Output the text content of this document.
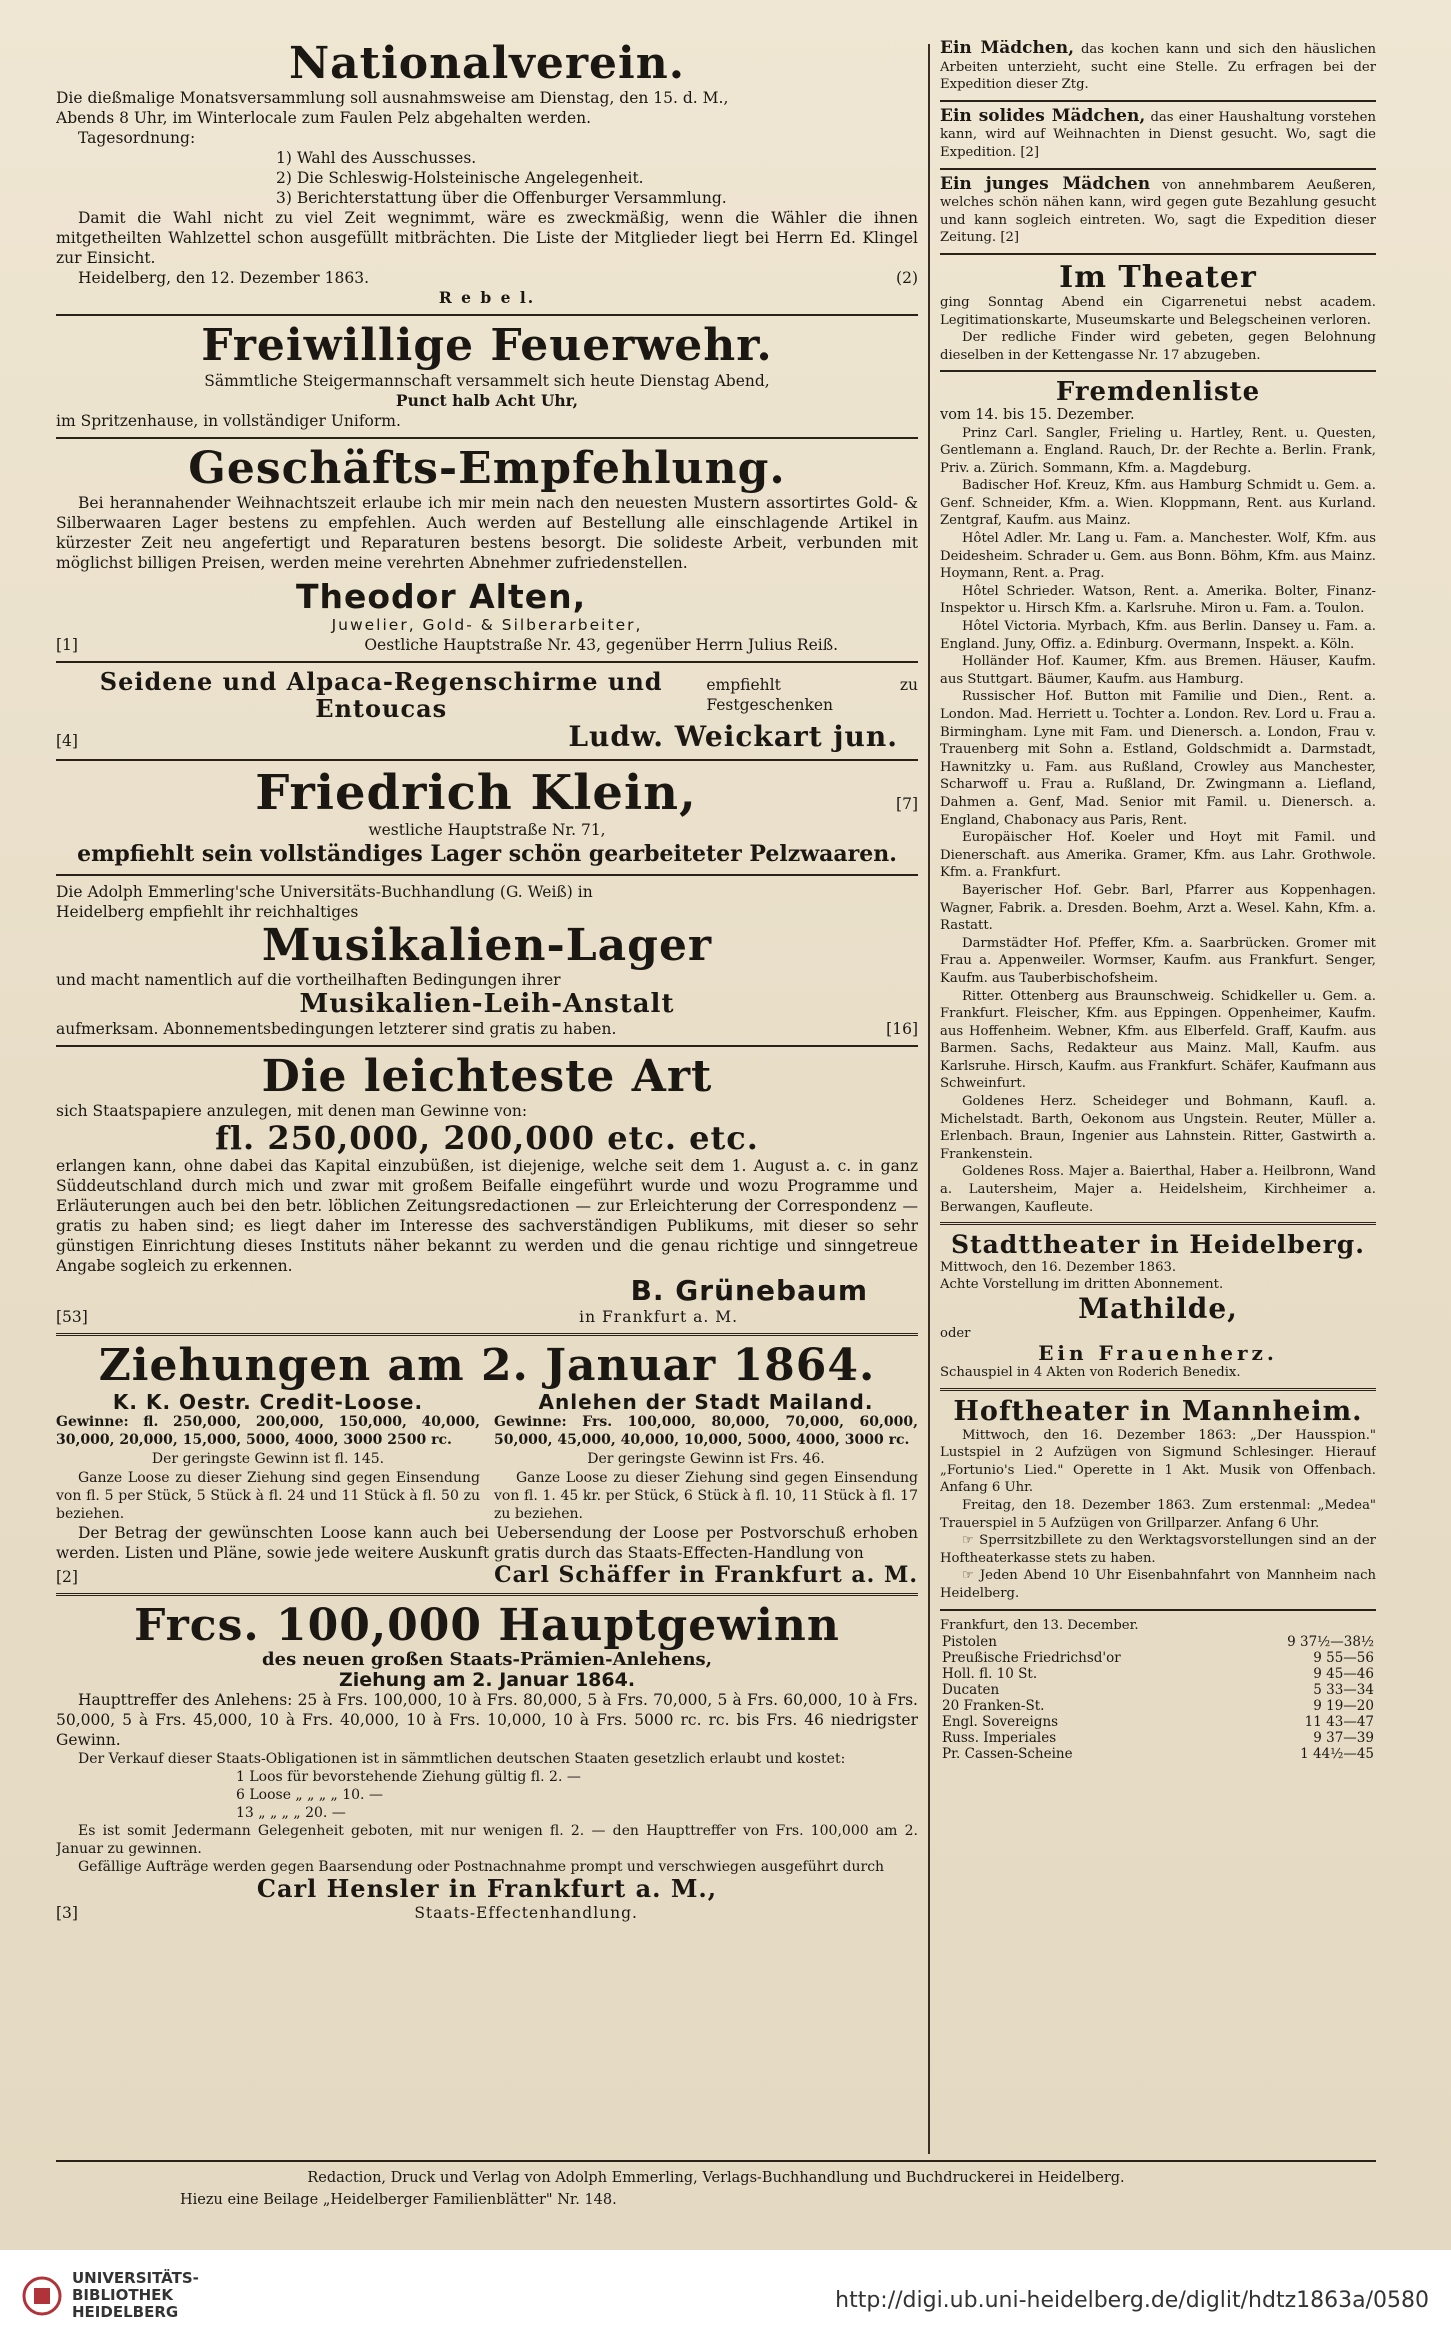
Nationalverein.

Die dießmalige Monatsversammlung soll ausnahmsweise am Dienstag, den 15. d. M.,

Abends 8 Uhr, im Winterlocale zum Faulen Pelz abgehalten werden.

Tagesordnung:

1) Wahl des Ausschusses.

2) Die Schleswig-Holsteinische Angelegenheit.

3) Berichterstattung über die Offenburger Versammlung.

Damit die Wahl nicht zu viel Zeit wegnimmt, wäre es zweckmäßig, wenn die Wähler die ihnen mitgetheilten Wahlzettel schon ausgefüllt mitbrächten. Die Liste der Mitglieder liegt bei Herrn Ed. Klingel zur Einsicht.

Heidelberg, den 12. Dezember 1863.	(2)

R e b e l.

Freiwillige Feuerwehr.

Sämmtliche Steigermannschaft versammelt sich heute Dienstag Abend,

Punct halb Acht Uhr,

im Spritzenhause, in vollständiger Uniform.

Geschäfts-Empfehlung.

Bei herannahender Weihnachtszeit erlaube ich mir mein nach den neuesten Mustern assortirtes Gold- & Silberwaaren Lager bestens zu empfehlen. Auch werden auf Bestellung alle einschlagende Artikel in kürzester Zeit neu angefertigt und Reparaturen bestens besorgt. Die solideste Arbeit, verbunden mit möglichst billigen Preisen, werden meine verehrten Abnehmer zufriedenstellen.

Theodor Alten,

Juwelier, Gold- & Silberarbeiter,

[1]	Oestliche Hauptstraße Nr. 43, gegenüber Herrn Julius Reiß.

Seidene und Alpaca-Regenschirme und Entoucas

empfiehlt zu Festgeschenken

[4]	Ludw. Weickart jun.

Friedrich Klein,	[7]

westliche Hauptstraße Nr. 71,

empfiehlt sein vollständiges Lager schön gearbeiteter Pelzwaaren.

Die Adolph Emmerling'sche Universitäts-Buchhandlung (G. Weiß) in

Heidelberg empfiehlt ihr reichhaltiges

Musikalien-Lager

und macht namentlich auf die vortheilhaften Bedingungen ihrer

Musikalien-Leih-Anstalt

aufmerksam. Abonnementsbedingungen letzterer sind gratis zu haben.	[16]

Die leichteste Art

sich Staatspapiere anzulegen, mit denen man Gewinne von:

fl. 250,000, 200,000 etc. etc.

erlangen kann, ohne dabei das Kapital einzubüßen, ist diejenige, welche seit dem 1. August a. c. in ganz Süddeutschland durch mich und zwar mit großem Beifalle eingeführt wurde und wozu Programme und Erläuterungen auch bei den betr. löblichen Zeitungsredactionen — zur Erleichterung der Correspondenz — gratis zu haben sind; es liegt daher im Interesse des sachverständigen Publikums, mit dieser so sehr günstigen Einrichtung dieses Instituts näher bekannt zu werden und die genau richtige und sinngetreue Angabe sogleich zu erkennen.

B. Grünebaum

[53]	in Frankfurt a. M.

Ziehungen am 2. Januar 1864.

K. K. Oestr. Credit-Loose.

Gewinne: fl. 250,000, 200,000, 150,000, 40,000, 30,000, 20,000, 15,000, 5000, 4000, 3000 2500 rc.

Der geringste Gewinn ist fl. 145.

Ganze Loose zu dieser Ziehung sind gegen Einsendung von fl. 5 per Stück, 5 Stück à fl. 24 und 11 Stück à fl. 50 zu beziehen.

Anlehen der Stadt Mailand.

Gewinne: Frs. 100,000, 80,000, 70,000, 60,000, 50,000, 45,000, 40,000, 10,000, 5000, 4000, 3000 rc.

Der geringste Gewinn ist Frs. 46.

Ganze Loose zu dieser Ziehung sind gegen Einsendung von fl. 1. 45 kr. per Stück, 6 Stück à fl. 10, 11 Stück à fl. 17 zu beziehen.

Der Betrag der gewünschten Loose kann auch bei Uebersendung der Loose per Postvorschuß erhoben werden. Listen und Pläne, sowie jede weitere Auskunft gratis durch das Staats-Effecten-Handlung von

[2]	Carl Schäffer in Frankfurt a. M.

Frcs. 100,000 Hauptgewinn

des neuen großen Staats-Prämien-Anlehens,

Ziehung am 2. Januar 1864.

Haupttreffer des Anlehens: 25 à Frs. 100,000, 10 à Frs. 80,000, 5 à Frs. 70,000, 5 à Frs. 60,000, 10 à Frs. 50,000, 5 à Frs. 45,000, 10 à Frs. 40,000, 10 à Frs. 10,000, 10 à Frs. 5000 rc. rc. bis Frs. 46 niedrigster Gewinn.

Der Verkauf dieser Staats-Obligationen ist in sämmtlichen deutschen Staaten gesetzlich erlaubt und kostet:

1 Loos für bevorstehende Ziehung gültig fl. 2. —

6 Loose „ „ „ „ 10. —

13 „ „ „ „ 20. —

Es ist somit Jedermann Gelegenheit geboten, mit nur wenigen fl. 2. — den Haupttreffer von Frs. 100,000 am 2. Januar zu gewinnen.

Gefällige Aufträge werden gegen Baarsendung oder Postnachnahme prompt und verschwiegen ausgeführt durch

Carl Hensler in Frankfurt a. M.,

[3]	Staats-Effectenhandlung.

Ein Mädchen, das kochen kann und sich den häuslichen Arbeiten unterzieht, sucht eine Stelle. Zu erfragen bei der Expedition dieser Ztg.

Ein solides Mädchen, das einer Haushaltung vorstehen kann, wird auf Weihnachten in Dienst gesucht. Wo, sagt die Expedition. [2]

Ein junges Mädchen von annehmbarem Aeußeren, welches schön nähen kann, wird gegen gute Bezahlung gesucht und kann sogleich eintreten. Wo, sagt die Expedition dieser Zeitung. [2]

Im Theater

ging Sonntag Abend ein Cigarrenetui nebst academ. Legitimationskarte, Museumskarte und Belegscheinen verloren.

Der redliche Finder wird gebeten, gegen Belohnung dieselben in der Kettengasse Nr. 17 abzugeben.

Fremdenliste

vom 14. bis 15. Dezember.

Prinz Carl. Sangler, Frieling u. Hartley, Rent. u. Questen, Gentlemann a. England. Rauch, Dr. der Rechte a. Berlin. Frank, Priv. a. Zürich. Sommann, Kfm. a. Magdeburg.

Badischer Hof. Kreuz, Kfm. aus Hamburg Schmidt u. Gem. a. Genf. Schneider, Kfm. a. Wien. Kloppmann, Rent. aus Kurland. Zentgraf, Kaufm. aus Mainz.

Hôtel Adler. Mr. Lang u. Fam. a. Manchester. Wolf, Kfm. aus Deidesheim. Schrader u. Gem. aus Bonn. Böhm, Kfm. aus Mainz. Hoymann, Rent. a. Prag.

Hôtel Schrieder. Watson, Rent. a. Amerika. Bolter, Finanz-Inspektor u. Hirsch Kfm. a. Karlsruhe. Miron u. Fam. a. Toulon.

Hôtel Victoria. Myrbach, Kfm. aus Berlin. Dansey u. Fam. a. England. Juny, Offiz. a. Edinburg. Overmann, Inspekt. a. Köln.

Holländer Hof. Kaumer, Kfm. aus Bremen. Häuser, Kaufm. aus Stuttgart. Bäumer, Kaufm. aus Hamburg.

Russischer Hof. Button mit Familie und Dien., Rent. a. London. Mad. Herriett u. Tochter a. London. Rev. Lord u. Frau a. Birmingham. Lyne mit Fam. und Dienersch. a. London, Frau v. Trauenberg mit Sohn a. Estland, Goldschmidt a. Darmstadt, Hawnitzky u. Fam. aus Rußland, Crowley aus Manchester, Scharwoff u. Frau a. Rußland, Dr. Zwingmann a. Liefland, Dahmen a. Genf, Mad. Senior mit Famil. u. Dienersch. a. England, Chabonacy aus Paris, Rent.

Europäischer Hof. Koeler und Hoyt mit Famil. und Dienerschaft. aus Amerika. Gramer, Kfm. aus Lahr. Grothwole. Kfm. a. Frankfurt.

Bayerischer Hof. Gebr. Barl, Pfarrer aus Koppenhagen. Wagner, Fabrik. a. Dresden. Boehm, Arzt a. Wesel. Kahn, Kfm. a. Rastatt.

Darmstädter Hof. Pfeffer, Kfm. a. Saarbrücken. Gromer mit Frau a. Appenweiler. Wormser, Kaufm. aus Frankfurt. Senger, Kaufm. aus Tauberbischofsheim.

Ritter. Ottenberg aus Braunschweig. Schidkeller u. Gem. a. Frankfurt. Fleischer, Kfm. aus Eppingen. Oppenheimer, Kaufm. aus Hoffenheim. Webner, Kfm. aus Elberfeld. Graff, Kaufm. aus Barmen. Sachs, Redakteur aus Mainz. Mall, Kaufm. aus Karlsruhe. Hirsch, Kaufm. aus Frankfurt. Schäfer, Kaufmann aus Schweinfurt.

Goldenes Herz. Scheideger und Bohmann, Kaufl. a. Michelstadt. Barth, Oekonom aus Ungstein. Reuter, Müller a. Erlenbach. Braun, Ingenier aus Lahnstein. Ritter, Gastwirth a. Frankenstein.

Goldenes Ross. Majer a. Baierthal, Haber a. Heilbronn, Wand a. Lautersheim, Majer a. Heidelsheim, Kirchheimer a. Berwangen, Kaufleute.

Stadttheater in Heidelberg.

Mittwoch, den 16. Dezember 1863.

Achte Vorstellung im dritten Abonnement.

Mathilde,

oder

Ein Frauenherz.

Schauspiel in 4 Akten von Roderich Benedix.

Hoftheater in Mannheim.

Mittwoch, den 16. Dezember 1863: „Der Hausspion." Lustspiel in 2 Aufzügen von Sigmund Schlesinger. Hierauf „Fortunio's Lied." Operette in 1 Akt. Musik von Offenbach. Anfang 6 Uhr.

Freitag, den 18. Dezember 1863. Zum erstenmal: „Medea" Trauerspiel in 5 Aufzügen von Grillparzer. Anfang 6 Uhr.

☞ Sperrsitzbillete zu den Werktagsvorstellungen sind an der Hoftheaterkasse stets zu haben.

☞ Jeden Abend 10 Uhr Eisenbahnfahrt von Mannheim nach Heidelberg.

Frankfurt, den 13. December.

Pistolen	9 37½—38½
Preußische Friedrichsd'or	9 55—56
Holl. fl. 10 St.	9 45—46
Ducaten	5 33—34
20 Franken-St.	9 19—20
Engl. Sovereigns	11 43—47
Russ. Imperiales	9 37—39
Pr. Cassen-Scheine	1 44½—45

Redaction, Druck und Verlag von Adolph Emmerling, Verlags-Buchhandlung und Buchdruckerei in Heidelberg.

Hiezu eine Beilage „Heidelberger Familienblätter" Nr. 148.

UNIVERSITÄTS-
BIBLIOTHEK
HEIDELBERG	http://digi.ub.uni-heidelberg.de/diglit/hdtz1863a/0580
